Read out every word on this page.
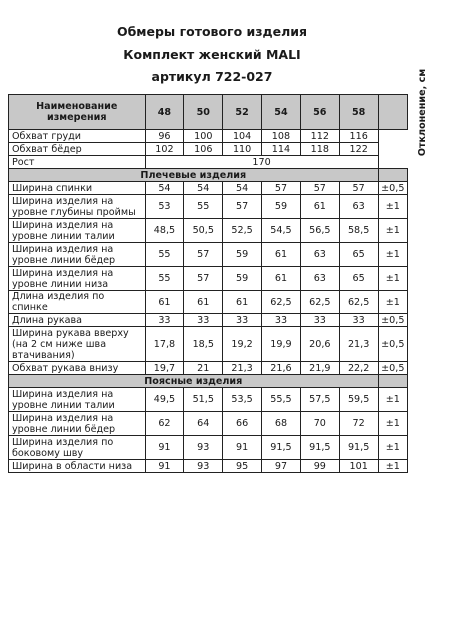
Обмеры готового изделия
Комплект женский MALI
артикул 722-027
Наименование измерения	48	50	52	54	56	58	Отклонение, см
Обхват груди	96	100	104	108	112	116	
Обхват бёдер	102	106	110	114	118	122	
Рост	170						
Плечевые изделия							
Ширина спинки	54	54	54	57	57	57	±0,5
Ширина изделия на уровне глубины проймы	53	55	57	59	61	63	±1
Ширина изделия на уровне линии талии	48,5	50,5	52,5	54,5	56,5	58,5	±1
Ширина изделия на уровне линии бёдер	55	57	59	61	63	65	±1
Ширина изделия на уровне линии низа	55	57	59	61	63	65	±1
Длина изделия по спинке	61	61	61	62,5	62,5	62,5	±1
Длина рукава	33	33	33	33	33	33	±0,5
Ширина рукава вверху (на 2 см ниже шва втачивания)	17,8	18,5	19,2	19,9	20,6	21,3	±0,5
Обхват рукава внизу	19,7	21	21,3	21,6	21,9	22,2	±0,5
Поясные изделия							
Ширина изделия на уровне линии талии	49,5	51,5	53,5	55,5	57,5	59,5	±1
Ширина изделия на уровне линии бёдер	62	64	66	68	70	72	±1
Ширина изделия по боковому шву	91	93	91	91,5	91,5	91,5	±1
Ширина в области низа	91	93	95	97	99	101	±1
